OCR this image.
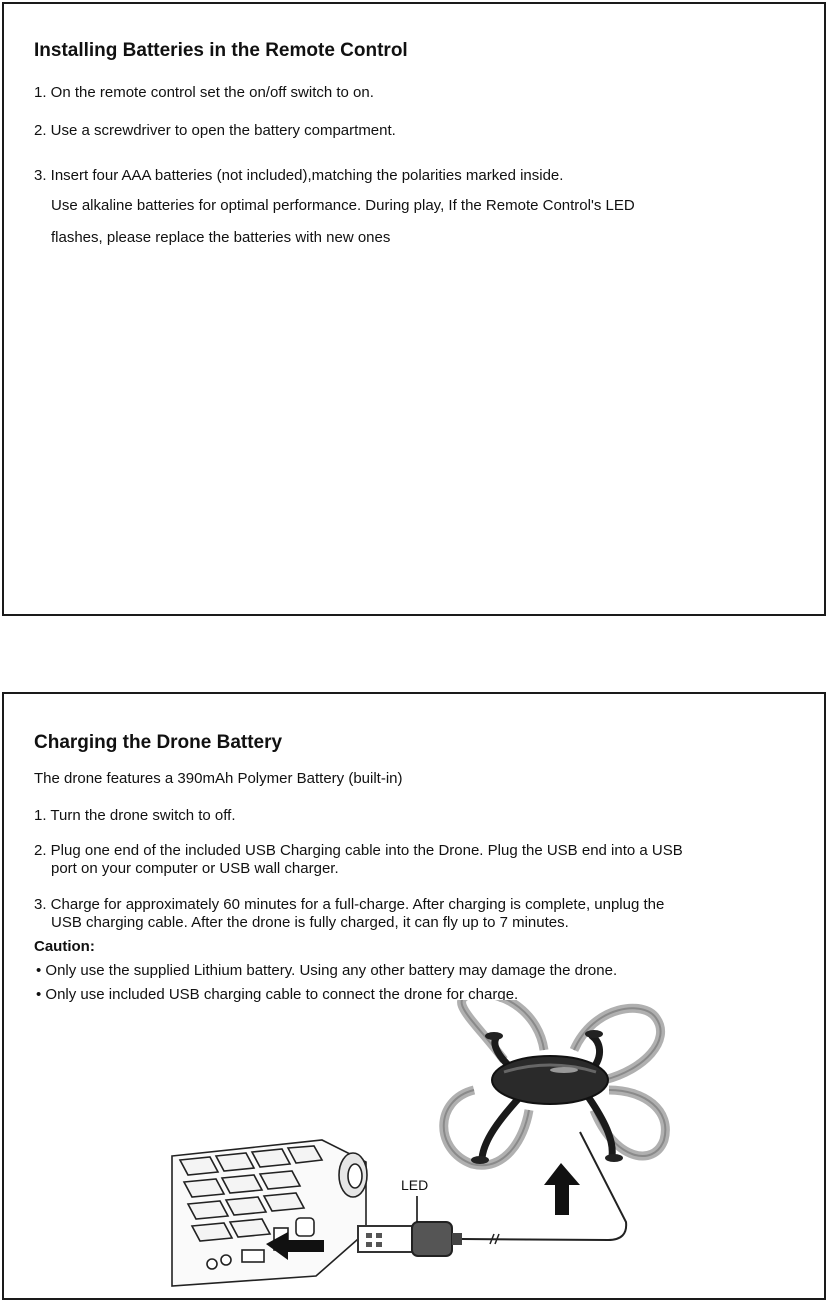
Installing Batteries in the Remote Control

1. On the remote control set the on/off switch to on.

2. Use a screwdriver to open the battery compartment.

3. Insert four AAA batteries (not included),matching the polarities marked inside.

Use alkaline batteries for optimal performance. During play, If the Remote Control's LED

flashes, please replace the batteries with new ones

Charging the Drone Battery

The drone features a 390mAh Polymer Battery (built-in)

1. Turn the drone switch to off.

2. Plug one end of the included USB Charging cable into the Drone. Plug the USB end into a USB

port on your computer or USB wall charger.

3. Charge for approximately 60 minutes for a full-charge. After charging is complete, unplug the

USB charging cable. After the drone is fully charged, it can fly up to 7 minutes.

Caution:

• Only use the supplied Lithium battery. Using any other battery may damage the drone.

• Only use included USB charging cable to connect the drone for charge.

LED
